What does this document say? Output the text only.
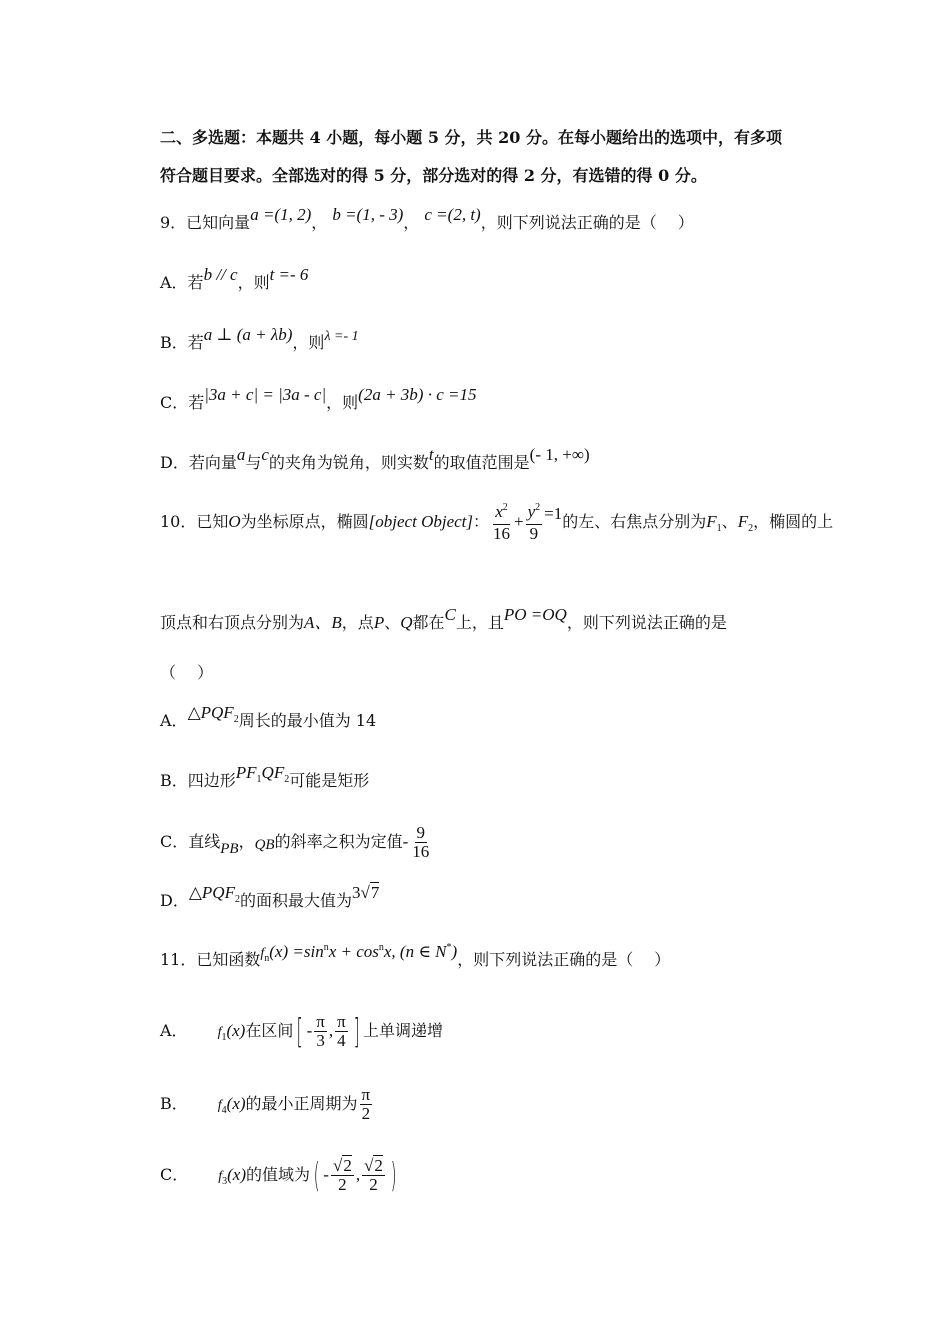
二、多选题：本题共 4 小题，每小题 5 分，共 20 分。在每小题给出的选项中，有多项
符合题目要求。全部选对的得 5 分，部分选对的得 2 分，有选错的得 0 分。
9．已知向量a =(1, 2)， b =(1, - 3)， c =(2, t)，则下列说法正确的是（　 ）
A．若b // c，则t =- 6
B．若a ⊥ (a + λb)，则λ =- 1
C．若|3a + c| = |3a - c|，则(2a + 3b) · c =15
D．若向量a与c的夹角为锐角，则实数t的取值范围是(- 1, +∞)
10．已知O为坐标原点，椭圆[object Object]： $\frac{x^2}{16} + \frac{y^2}{9} =1$的左、右焦点分别为$F_1$、$F_2$，椭圆的上
顶点和右顶点分别为A、B，点P、Q都在C上，且PO =OQ，则下列说法正确的是
（　 ）
A．$\triangle PQF_2$周长的最小值为 14
B．四边形$PF_1QF_2$可能是矩形
C．直线PB，QB的斜率之积为定值- $\frac{9}{16}$
D．$\triangle PQF_2$的面积最大值为3√7
11．已知函数$f_n(x) =\sin^nx + \cos^nx$, (n ∈ N*)，则下列说法正确的是（　 ）
A． $f_1(x)$在区间 [ - $\frac{\pi}{3}$ , $\frac{\pi}{4}$ ] 上单调递增
B． $f_4(x)$的最小正周期为 $\frac{\pi}{2}$
C． $f_3(x)$的值域为 ( - $\frac{√2}{2}$ , $\frac{√2}{2}$ )
